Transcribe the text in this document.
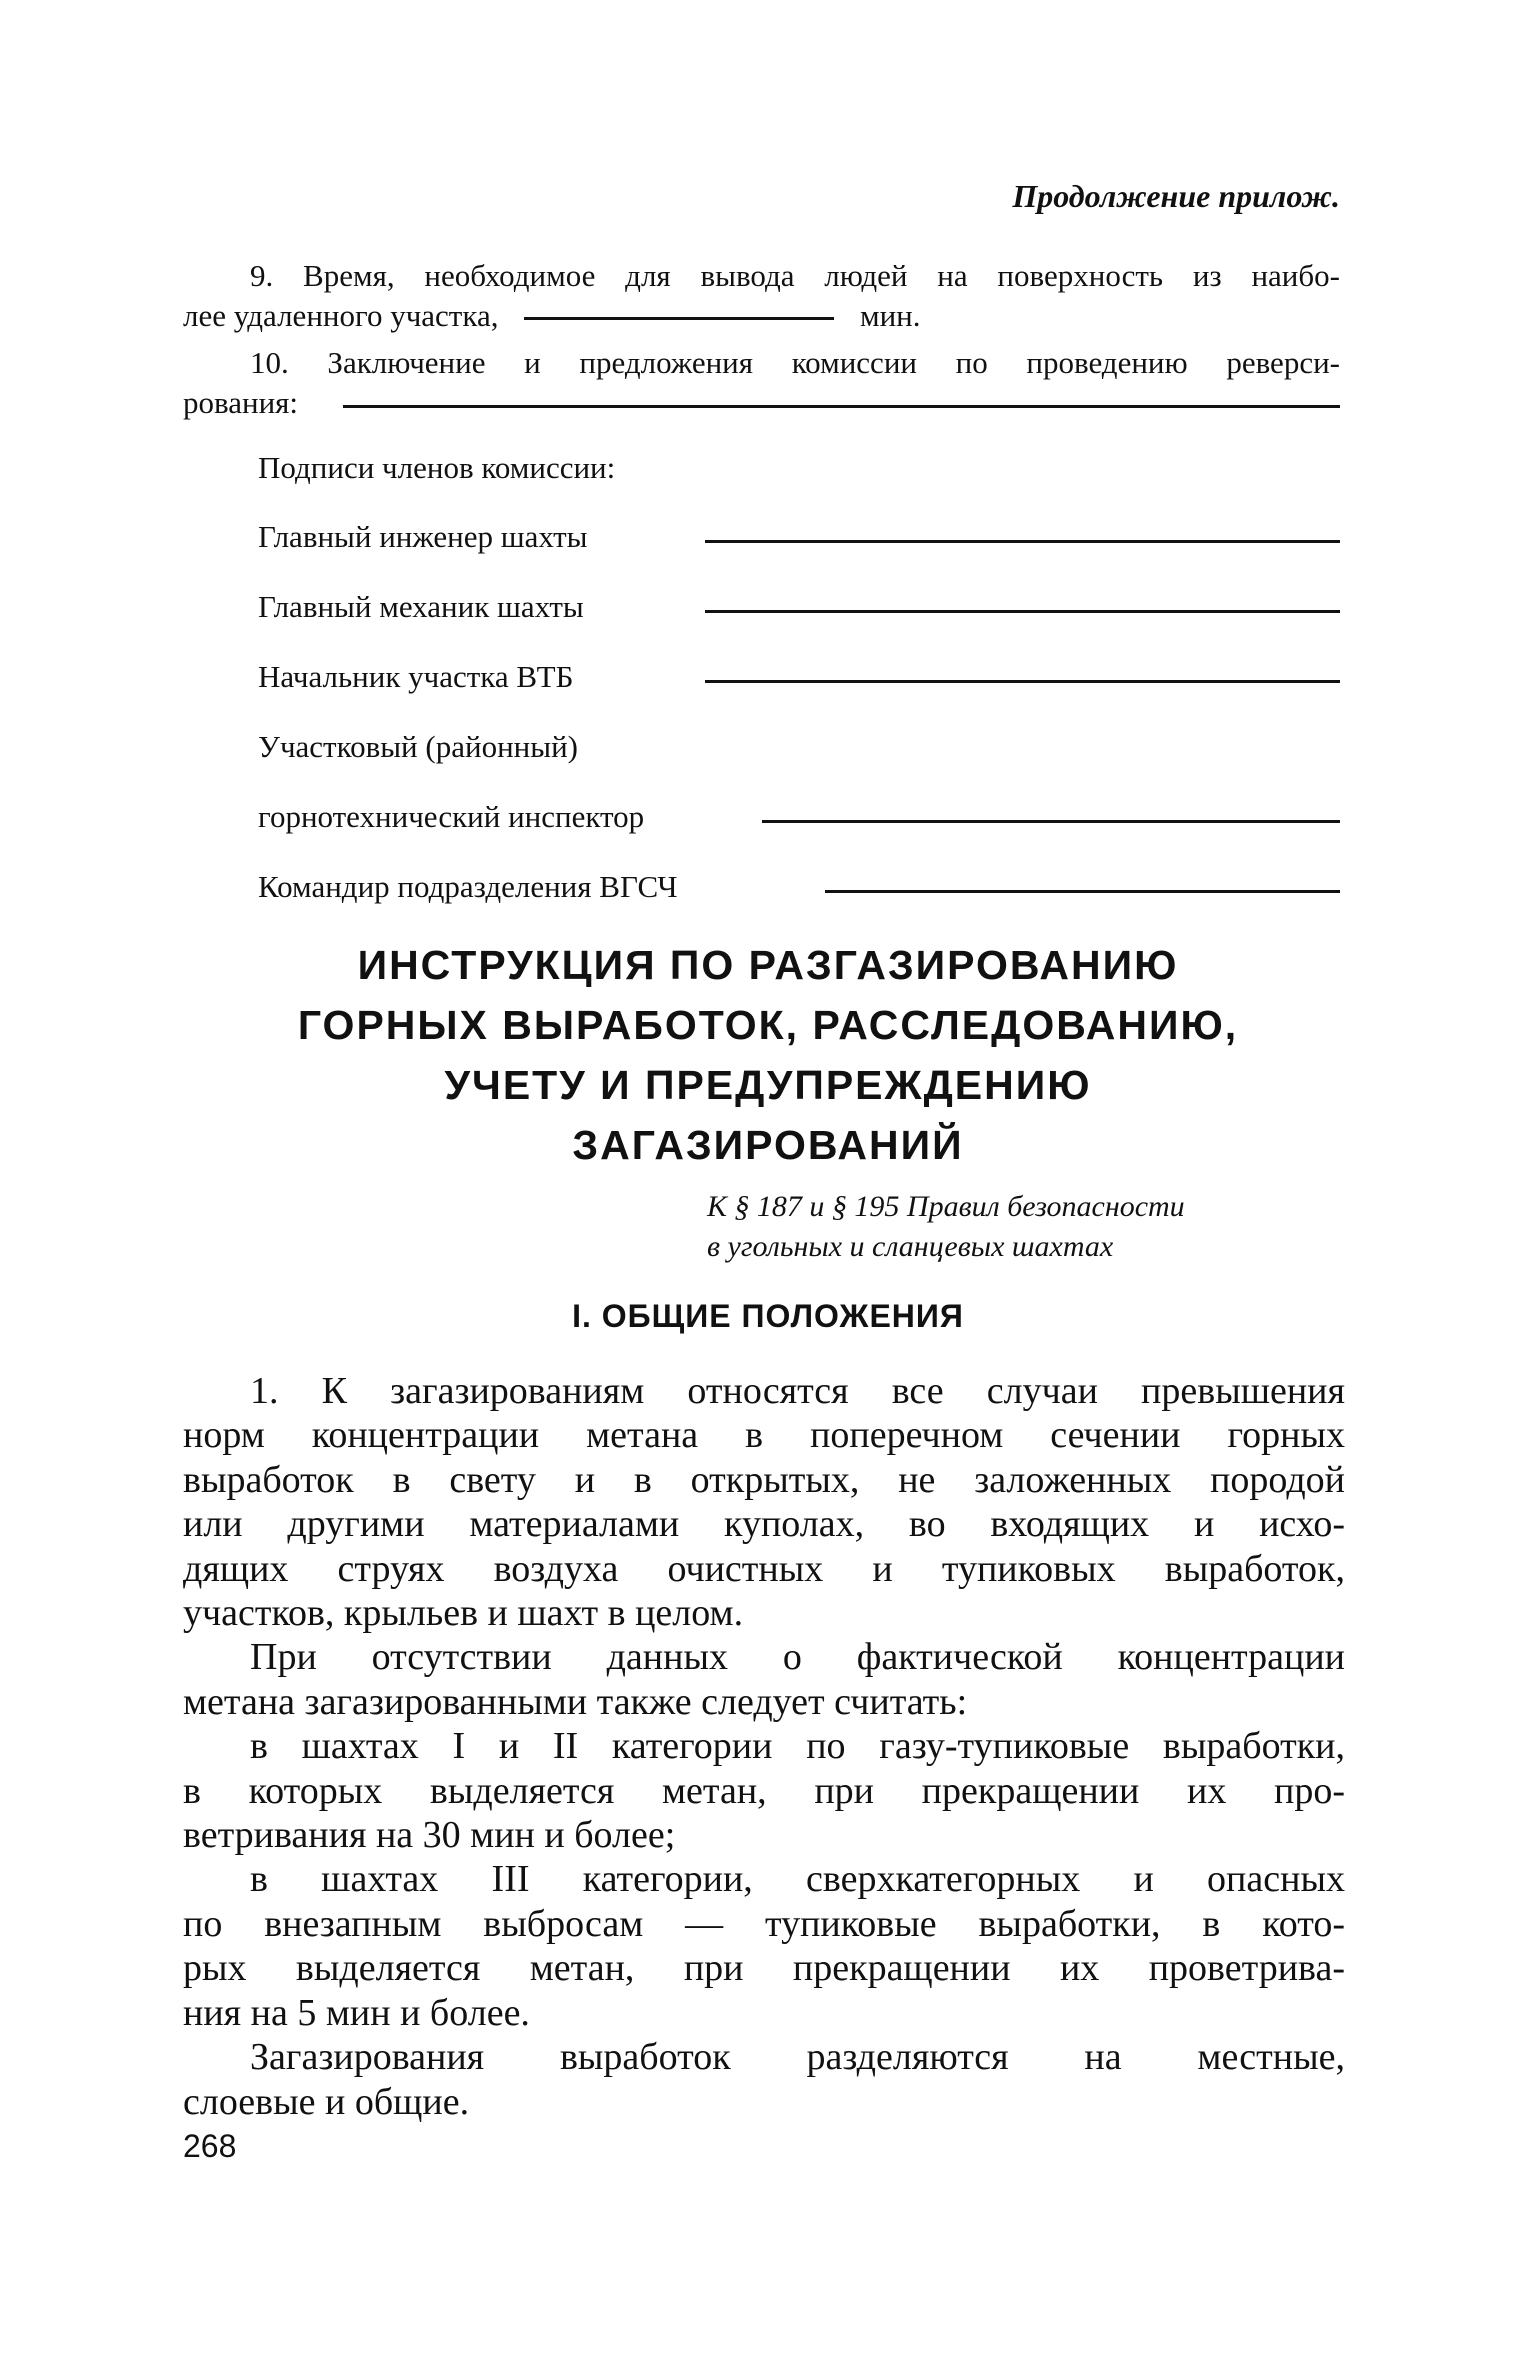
Продолжение прилож.
9. Время, необходимое для вывода людей на поверхность из наибо-
лее удаленного участка,	мин.
10. Заключение и предложения комиссии по проведению реверси-
рования:
Подписи членов комиссии:
Главный инженер шахты
Главный механик шахты
Начальник участка ВТБ
Участковый (районный)
горнотехнический инспектор
Командир подразделения ВГСЧ
ИНСТРУКЦИЯ ПО РАЗГАЗИРОВАНИЮ
ГОРНЫХ ВЫРАБОТОК, РАССЛЕДОВАНИЮ,
УЧЕТУ И ПРЕДУПРЕЖДЕНИЮ
ЗАГАЗИРОВАНИЙ
К § 187 и § 195 Правил безопасности
в угольных и сланцевых шахтах
I. ОБЩИЕ ПОЛОЖЕНИЯ
1. К загазированиям относятся все случаи превышения
норм концентрации метана в поперечном сечении горных
выработок в свету и в открытых, не заложенных породой
или другими материалами куполах, во входящих и исхо-
дящих струях воздуха очистных и тупиковых выработок,
участков, крыльев и шахт в целом.
При отсутствии данных о фактической концентрации
метана загазированными также следует считать:
в шахтах I и II категории по газу-тупиковые выработки,
в которых выделяется метан, при прекращении их про-
ветривания на 30 мин и более;
в шахтах III категории, сверхкатегорных и опасных
по внезапным выбросам — тупиковые выработки, в кото-
рых выделяется метан, при прекращении их проветрива-
ния на 5 мин и более.
Загазирования выработок разделяются на местные,
слоевые и общие.
268
